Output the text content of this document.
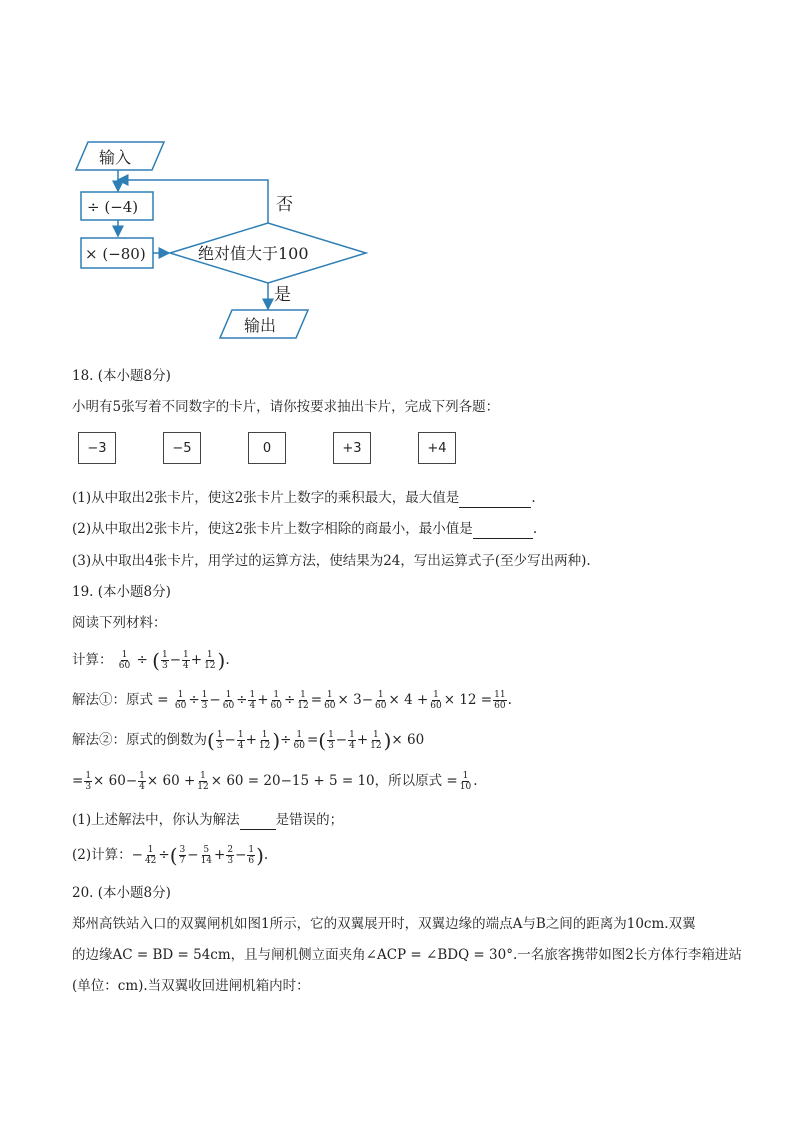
输入
÷ (−4)
× (−80)	绝对值大于100
否
是
输出
18. (本小题8分)
小明有5张写着不同数字的卡片，请你按要求抽出卡片，完成下列各题：
−3	−5	0	+3	+4
(1)从中取出2张卡片，使这2张卡片上数字的乘积最大，最大值是	.
(2)从中取出2张卡片，使这2张卡片上数字相除的商最小，最小值是	.
(3)从中取出4张卡片，用学过的运算方法，使结果为24，写出运算式子(至少写出两种).
19. (本小题8分)
阅读下列材料：
计算： $\frac{1}{60}$ ÷ ( $\frac{1}{3} - \frac{1}{4} + \frac{1}{12}$ ).
解法①：原式 = $\frac{1}{60} \div \frac{1}{3} - \frac{1}{60} \div \frac{1}{4} + \frac{1}{60} \div \frac{1}{12} = \frac{1}{60} \times 3- \frac{1}{60} \times 4 + \frac{1}{60} \times 12 = \frac{11}{60}$ .
解法②：原式的倒数为( $\frac{1}{3} - \frac{1}{4} + \frac{1}{12}$ )÷ $\frac{1}{60}$ =( $\frac{1}{3} - \frac{1}{4} + \frac{1}{12}$ )× 60
= $\frac{1}{3} \times 60- \frac{1}{4} \times 60 + \frac{1}{12} \times 60 = 20-15 + 5 = 10$，所以原式 = $\frac{1}{10}$ .
(1)上述解法中，你认为解法	是错误的；
(2)计算：− $\frac{1}{42}$ ÷( $\frac{3}{7} - \frac{5}{14} + \frac{2}{3} - \frac{1}{6}$ ).
20. (本小题8分)
郑州高铁站入口的双翼闸机如图1所示，它的双翼展开时，双翼边缘的端点A与B之间的距离为10cm.双翼
的边缘AC = BD = 54cm，且与闸机侧立面夹角∠ACP = ∠BDQ = 30°.一名旅客携带如图2长方体行李箱进站
(单位：cm).当双翼收回进闸机箱内时：
